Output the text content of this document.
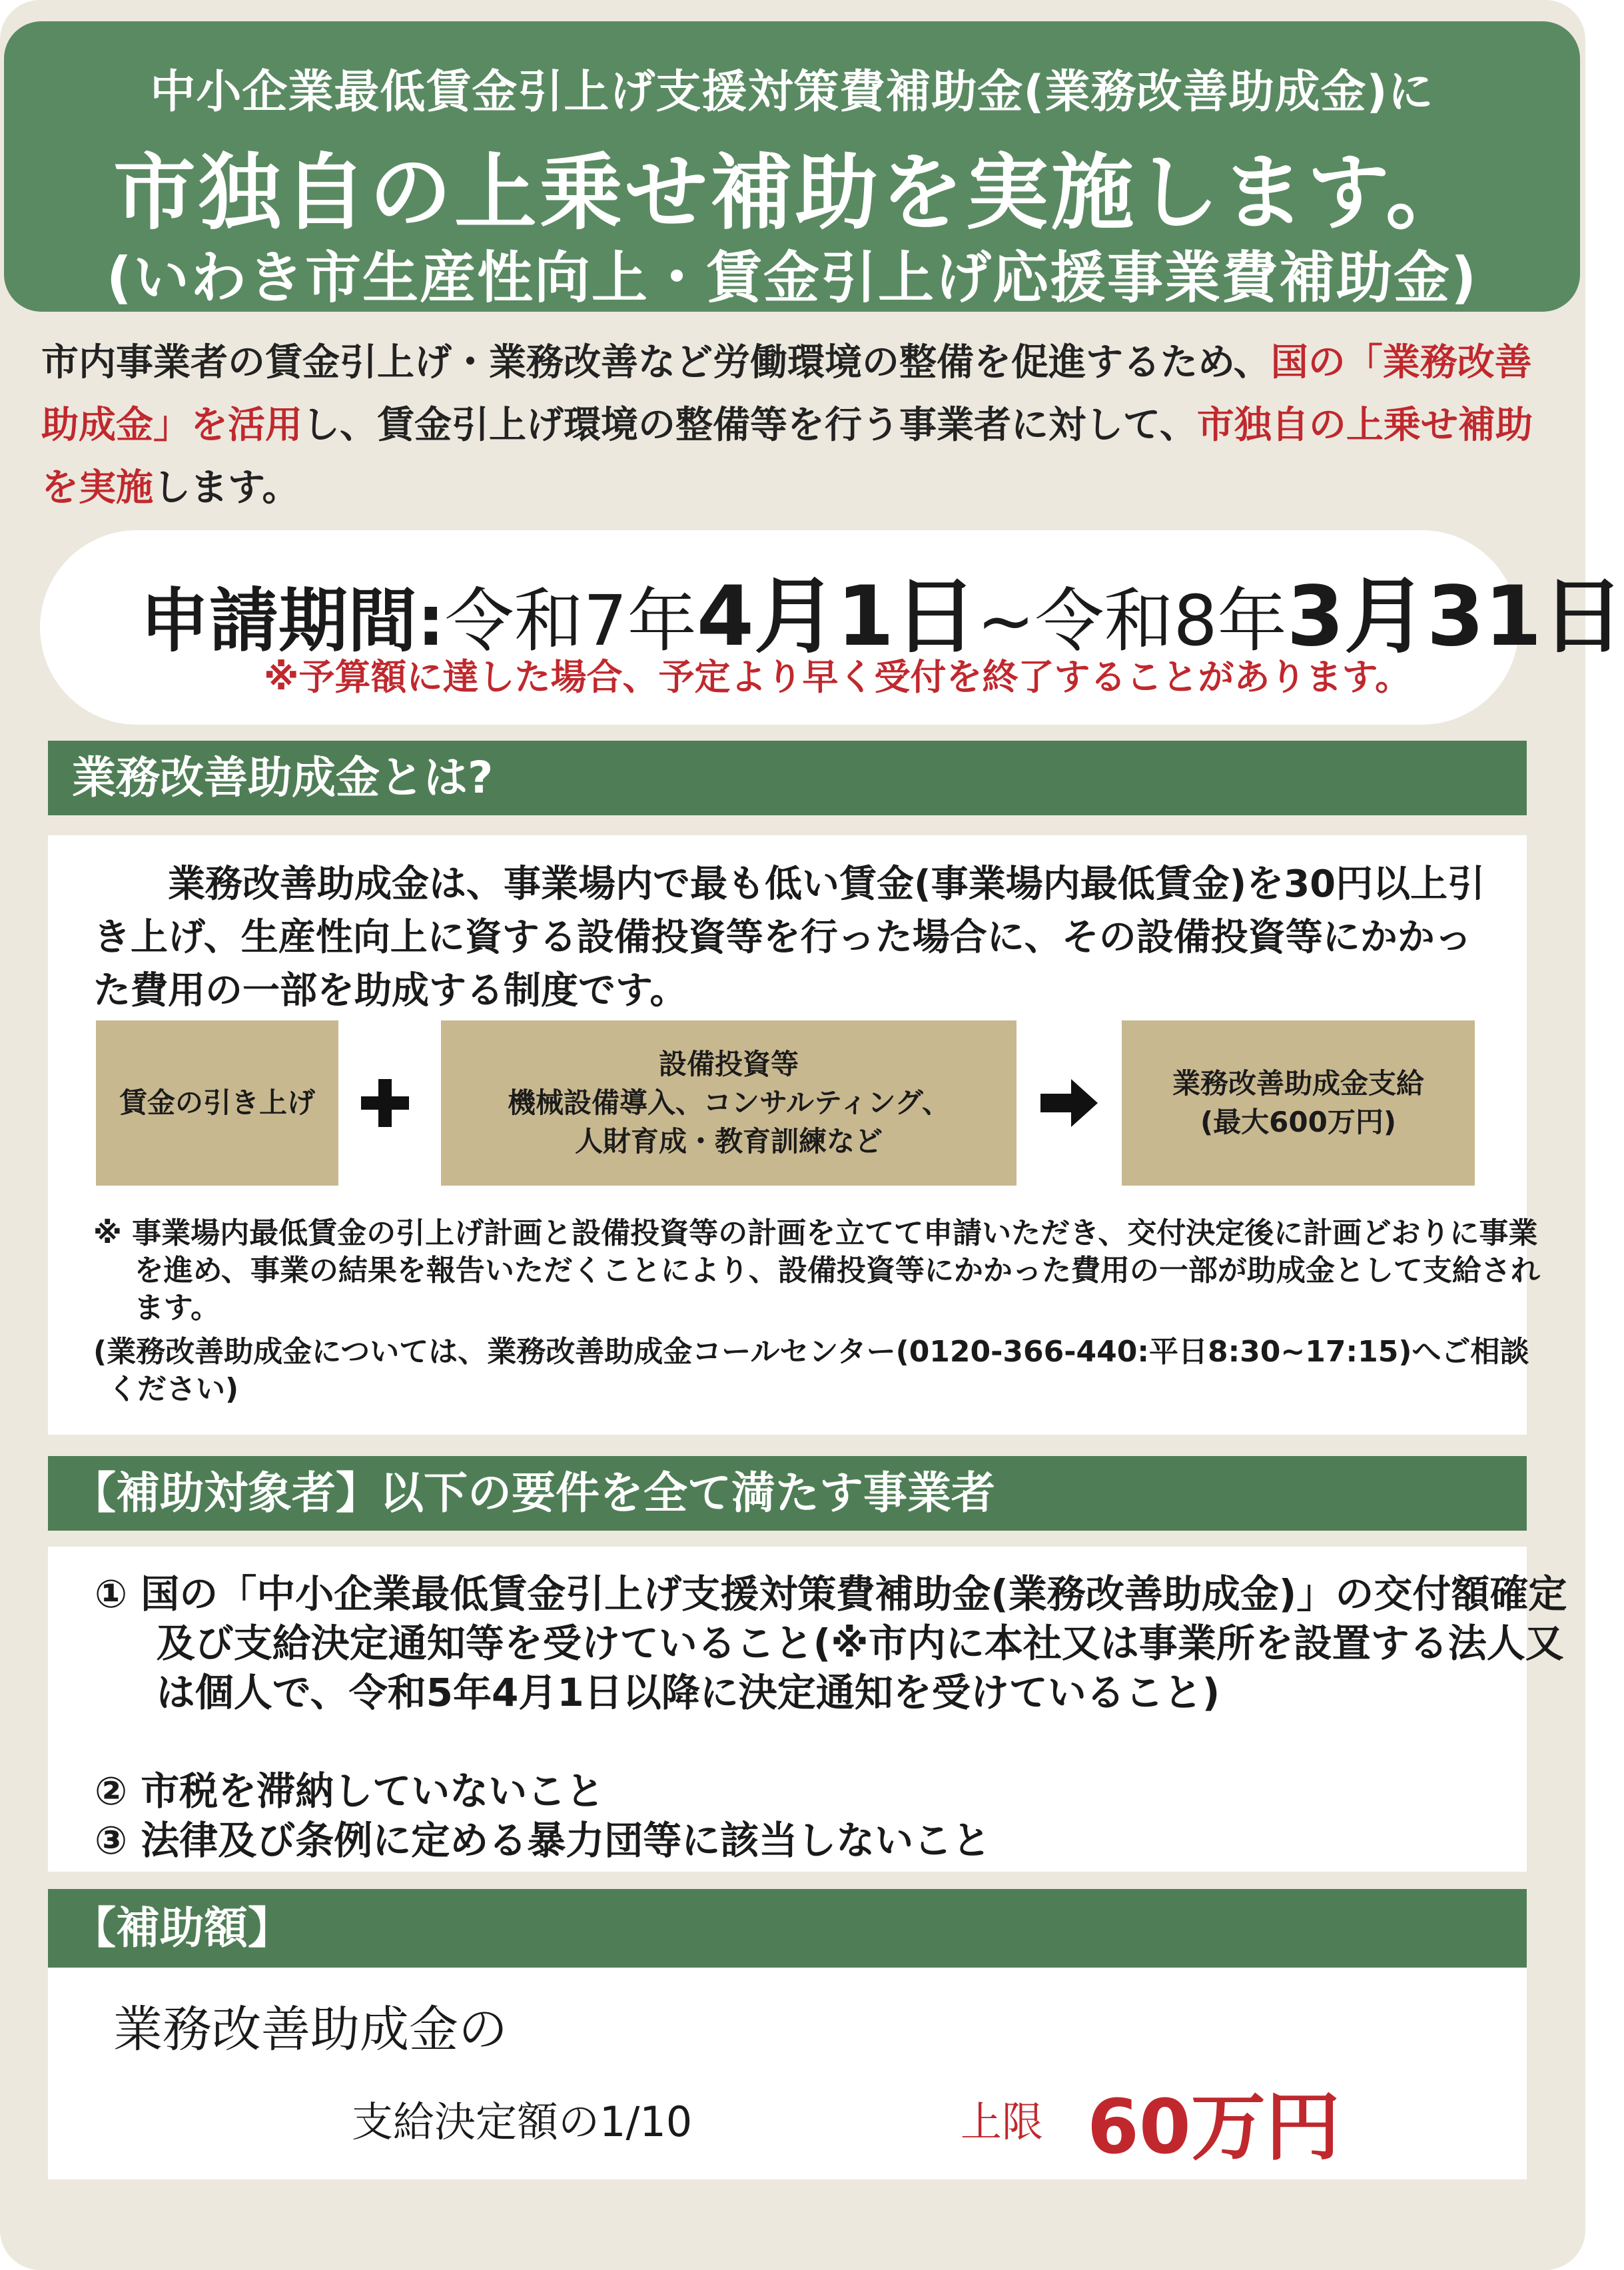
中小企業最低賃金引上げ支援対策費補助金(業務改善助成金)に
市独自の上乗せ補助を実施します。
(いわき市生産性向上・賃金引上げ応援事業費補助金)
市内事業者の賃金引上げ・業務改善など労働環境の整備を促進するため、国の「業務改善助成金」を活用し、賃金引上げ環境の整備等を行う事業者に対して、市独自の上乗せ補助を実施します。
申請期間:令和7年4月1日~令和8年3月31日
※予算額に達した場合、予定より早く受付を終了することがあります。
業務改善助成金とは?
業務改善助成金は、事業場内で最も低い賃金(事業場内最低賃金)を30円以上引き上げ、生産性向上に資する設備投資等を行った場合に、その設備投資等にかかった費用の一部を助成する制度です。
賃金の引き上げ
設備投資等
機械設備導入、コンサルティング、
人財育成・教育訓練など
業務改善助成金支給
(最大600万円)
※ 事業場内最低賃金の引上げ計画と設備投資等の計画を立てて申請いただき、交付決定後に計画どおりに事業を進め、事業の結果を報告いただくことにより、設備投資等にかかった費用の一部が助成金として支給されます。
(業務改善助成金については、業務改善助成金コールセンター(0120-366-440:平日8:30~17:15)へご相談ください)
【補助対象者】以下の要件を全て満たす事業者
① 国の「中小企業最低賃金引上げ支援対策費補助金(業務改善助成金)」の交付額確定及び支給決定通知等を受けていること(※市内に本社又は事業所を設置する法人又は個人で、令和5年4月1日以降に決定通知を受けていること)
② 市税を滞納していないこと
③ 法律及び条例に定める暴力団等に該当しないこと
【補助額】
業務改善助成金の
支給決定額の1/10	上限 60万円
